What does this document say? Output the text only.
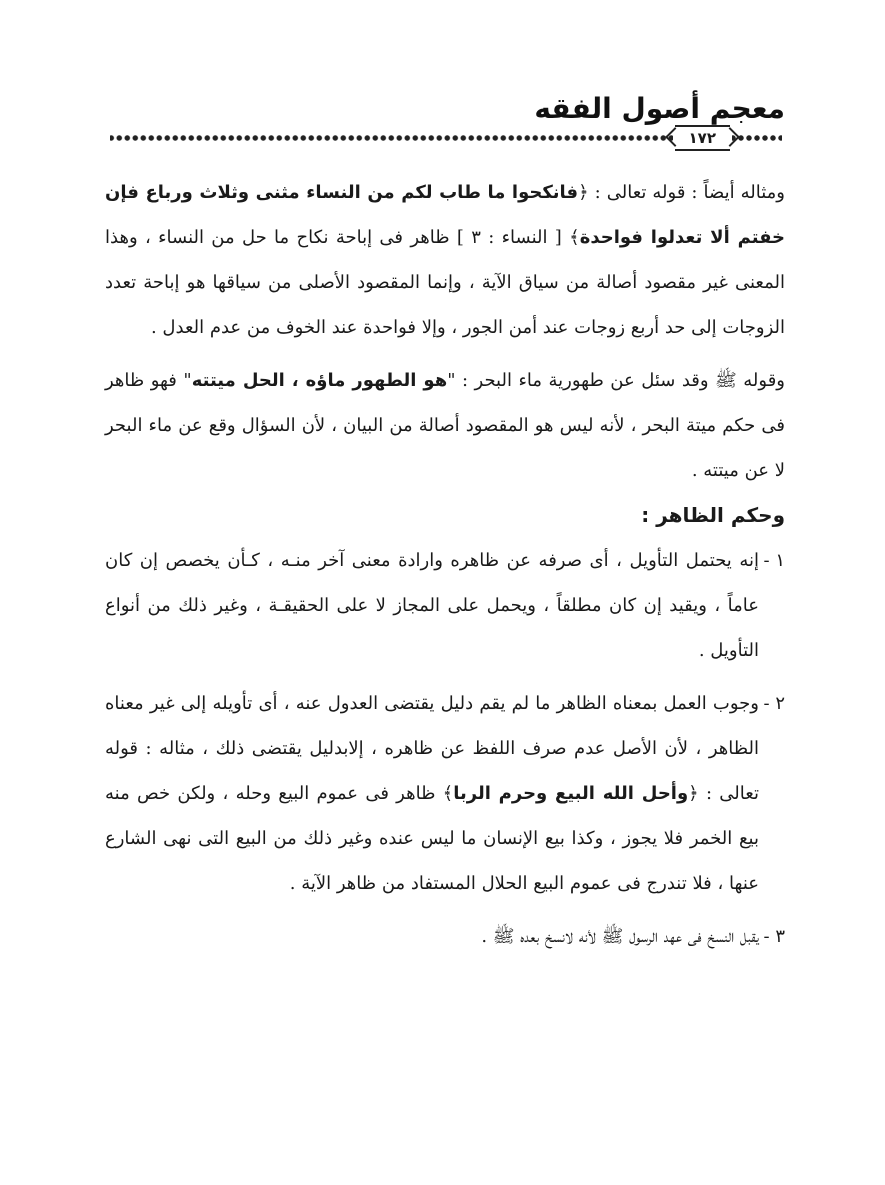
معجم أصول الفقه
١٧٢

ومثاله أيضاً : قوله تعالى : ﴿فانكحوا ما طاب لكم من النساء مثنى وثلاث ورباع فإن خفتم ألا تعدلوا فواحدة﴾ [ النساء : ٣ ] ظاهر فى إباحة نكاح ما حل من النساء ، وهذا المعنى غير مقصود أصالة من سياق الآية ، وإنما المقصود الأصلى من سياقها هو إباحة تعدد الزوجات إلى حد أربع زوجات عند أمن الجور ، وإلا فواحدة عند الخوف من عدم العدل .

وقوله ﷺ وقد سئل عن طهورية ماء البحر : "هو الطهور ماؤه ، الحل ميتته" فهو ظاهر فى حكم ميتة البحر ، لأنه ليس هو المقصود أصالة من البيان ، لأن السؤال وقع عن ماء البحر لا عن ميتته .

وحكم الظاهر :

١ -
إنه يحتمل التأويل ، أى صرفه عن ظاهره وارادة معنى آخر منـه ، كـأن يخصص إن كان عاماً ، ويقيد إن كان مطلقاً ، ويحمل على المجاز لا على الحقيقـة ، وغير ذلك من أنواع التأويل .
٢ -
وجوب العمل بمعناه الظاهر ما لم يقم دليل يقتضى العدول عنه ، أى تأويله إلى غير معناه الظاهر ، لأن الأصل عدم صرف اللفظ عن ظاهره ، إلابدليل يقتضى ذلك ، مثاله : قوله تعالى : ﴿وأحل الله البيع وحرم الربا﴾ ظاهر فى عموم البيع وحله ، ولكن خص منه بيع الخمر فلا يجوز ، وكذا بيع الإنسان ما ليس عنده وغير ذلك من البيع التى نهى الشارع عنها ، فلا تندرج فى عموم البيع الحلال المستفاد من ظاهر الآية .
٣ -
يقبل النسخ فى عهد الرسول ﷺ لأنه لانسخ بعده ﷺ .
